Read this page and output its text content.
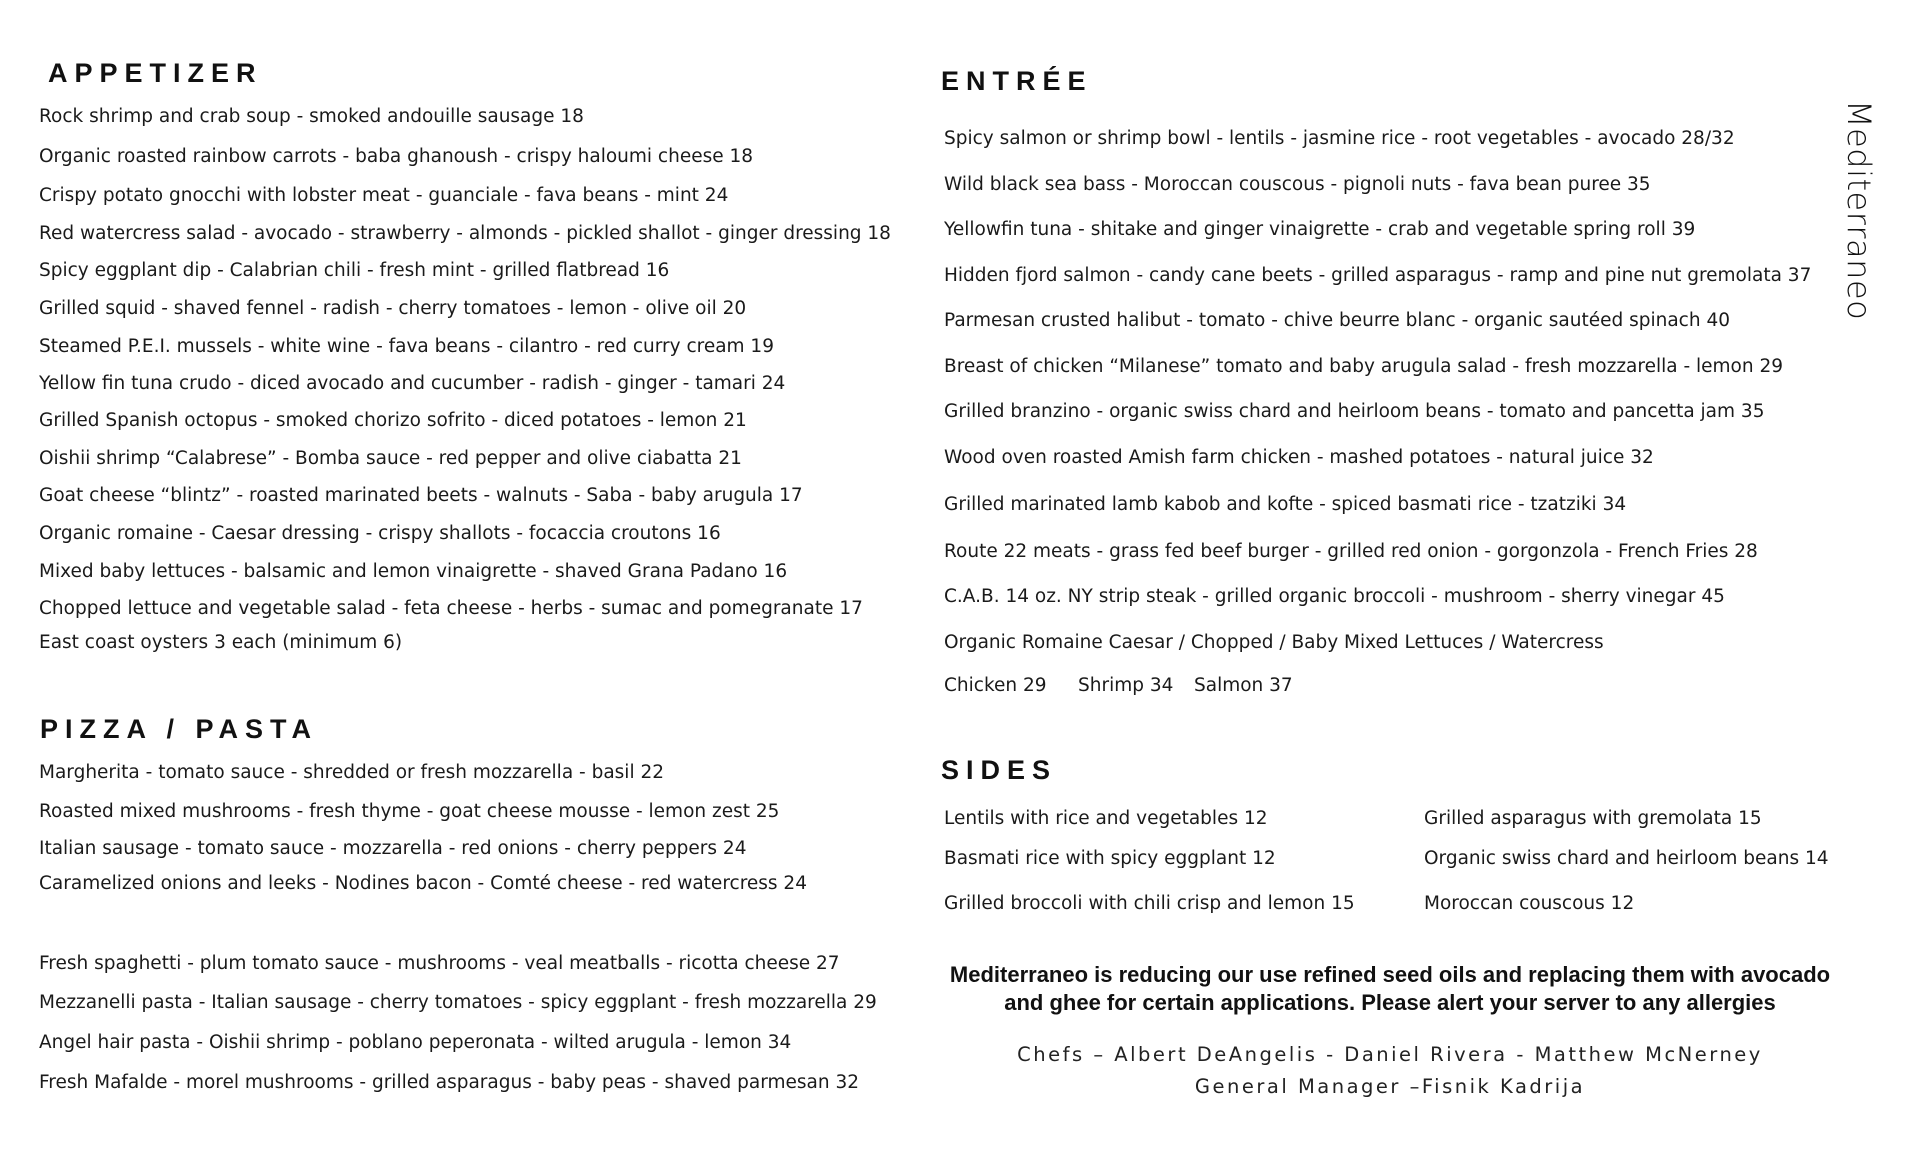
Mediterraneo
APPETIZER

Rock shrimp and crab soup - smoked andouille sausage 18

Organic roasted rainbow carrots - baba ghanoush - crispy haloumi cheese 18

Crispy potato gnocchi with lobster meat - guanciale - fava beans - mint 24

Red watercress salad - avocado - strawberry - almonds - pickled shallot - ginger dressing 18

Spicy eggplant dip - Calabrian chili - fresh mint - grilled flatbread 16

Grilled squid - shaved fennel - radish - cherry tomatoes - lemon - olive oil 20

Steamed P.E.I. mussels - white wine - fava beans - cilantro - red curry cream 19

Yellow fin tuna crudo - diced avocado and cucumber - radish - ginger - tamari 24

Grilled Spanish octopus - smoked chorizo sofrito - diced potatoes - lemon 21

Oishii shrimp “Calabrese” - Bomba sauce - red pepper and olive ciabatta 21

Goat cheese “blintz” - roasted marinated beets - walnuts - Saba - baby arugula 17

Organic romaine - Caesar dressing - crispy shallots - focaccia croutons 16

Mixed baby lettuces - balsamic and lemon vinaigrette - shaved Grana Padano 16

Chopped lettuce and vegetable salad - feta cheese - herbs - sumac and pomegranate 17

East coast oysters 3 each (minimum 6)

PIZZA / PASTA

Margherita - tomato sauce - shredded or fresh mozzarella - basil 22

Roasted mixed mushrooms - fresh thyme - goat cheese mousse - lemon zest 25

Italian sausage - tomato sauce - mozzarella - red onions - cherry peppers 24

Caramelized onions and leeks - Nodines bacon - Comté cheese - red watercress 24

Fresh spaghetti - plum tomato sauce - mushrooms - veal meatballs - ricotta cheese 27

Mezzanelli pasta - Italian sausage - cherry tomatoes - spicy eggplant - fresh mozzarella 29

Angel hair pasta - Oishii shrimp - poblano peperonata - wilted arugula - lemon 34

Fresh Mafalde - morel mushrooms - grilled asparagus - baby peas - shaved parmesan 32

ENTRÉE

Spicy salmon or shrimp bowl - lentils - jasmine rice - root vegetables - avocado 28/32

Wild black sea bass - Moroccan couscous - pignoli nuts - fava bean puree 35

Yellowfin tuna - shitake and ginger vinaigrette - crab and vegetable spring roll 39

Hidden fjord salmon - candy cane beets - grilled asparagus - ramp and pine nut gremolata 37

Parmesan crusted halibut - tomato - chive beurre blanc - organic sautéed spinach 40

Breast of chicken “Milanese” tomato and baby arugula salad - fresh mozzarella - lemon 29

Grilled branzino - organic swiss chard and heirloom beans - tomato and pancetta jam 35

Wood oven roasted Amish farm chicken - mashed potatoes - natural juice 32

Grilled marinated lamb kabob and kofte - spiced basmati rice - tzatziki 34

Route 22 meats - grass fed beef burger - grilled red onion - gorgonzola - French Fries 28

C.A.B. 14 oz. NY strip steak - grilled organic broccoli - mushroom - sherry vinegar 45

Organic Romaine Caesar / Chopped / Baby Mixed Lettuces / Watercress

Chicken 29 Shrimp 34 Salmon 37

SIDES

Lentils with rice and vegetables 12

Basmati rice with spicy eggplant 12

Grilled broccoli with chili crisp and lemon 15

Grilled asparagus with gremolata 15

Organic swiss chard and heirloom beans 14

Moroccan couscous 12

Mediterraneo is reducing our use refined seed oils and replacing them with avocado

and ghee for certain applications. Please alert your server to any allergies

Chefs – Albert DeAngelis - Daniel Rivera - Matthew McNerney

General Manager –Fisnik Kadrija
